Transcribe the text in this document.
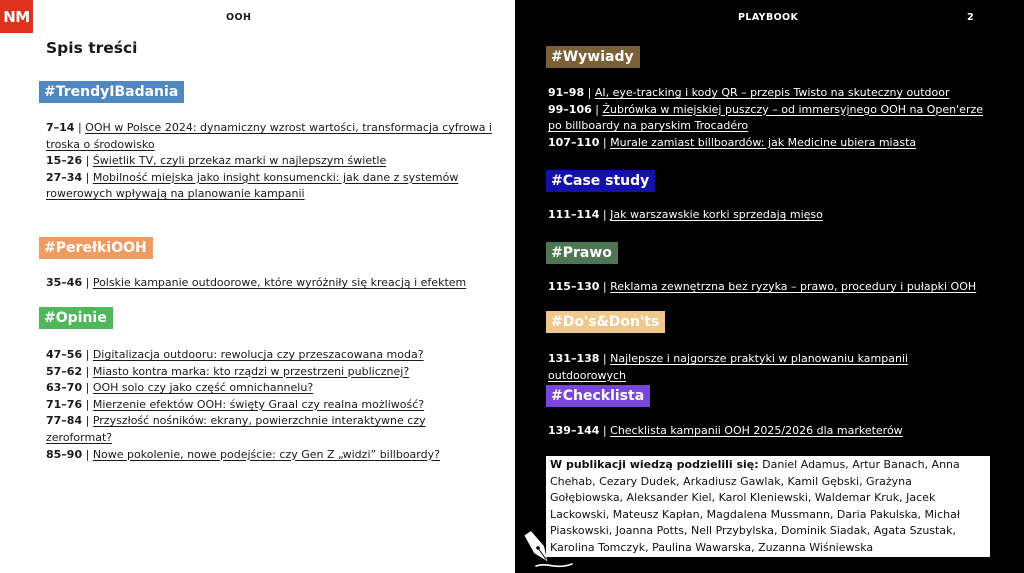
NM	OOH
Spis treści
#TrendyIBadania
7–14 | OOH w Polsce 2024: dynamiczny wzrost wartości, transformacja cyfrowa i troska o środowisko
15–26 | Świetlik TV, czyli przekaz marki w najlepszym świetle
27–34 | Mobilność miejska jako insight konsumencki: jak dane z systemów rowerowych wpływają na planowanie kampanii
#PerełkiOOH
35–46 | Polskie kampanie outdoorowe, które wyróżniły się kreacją i efektem
#Opinie
47–56 | Digitalizacja outdooru: rewolucja czy przeszacowana moda?
57–62 | Miasto kontra marka: kto rządzi w przestrzeni publicznej?
63–70 | OOH solo czy jako część omnichannelu?
71–76 | Mierzenie efektów OOH: święty Graal czy realna możliwość?
77–84 | Przyszłość nośników: ekrany, powierzchnie interaktywne czy zeroformat?
85–90 | Nowe pokolenie, nowe podejście: czy Gen Z „widzi” billboardy?
PLAYBOOK	2
#Wywiady
91–98 | AI, eye-tracking i kody QR – przepis Twisto na skuteczny outdoor
99–106 | Żubrówka w miejskiej puszczy – od immersyjnego OOH na Open'erze po billboardy na paryskim Trocadéro
107–110 | Murale zamiast billboardów: jak Medicine ubiera miasta
#Case study
111–114 | Jak warszawskie korki sprzedają mięso
#Prawo
115–130 | Reklama zewnętrzna bez ryzyka – prawo, procedury i pułapki OOH
#Do's&Don'ts
131–138 | Najlepsze i najgorsze praktyki w planowaniu kampanii outdoorowych
#Checklista
139–144 | Checklista kampanii OOH 2025/2026 dla marketerów
W publikacji wiedzą podzielili się: Daniel Adamus, Artur Banach, Anna Chehab, Cezary Dudek, Arkadiusz Gawlak, Kamil Gębski, Grażyna Gołębiowska, Aleksander Kiel, Karol Kleniewski, Waldemar Kruk, Jacek Lackowski, Mateusz Kapłan, Magdalena Mussmann, Daria Pakulska, Michał Piaskowski, Joanna Potts, Nell Przybylska, Dominik Siadak, Agata Szustak, Karolina Tomczyk, Paulina Wawarska, Zuzanna Wiśniewska
